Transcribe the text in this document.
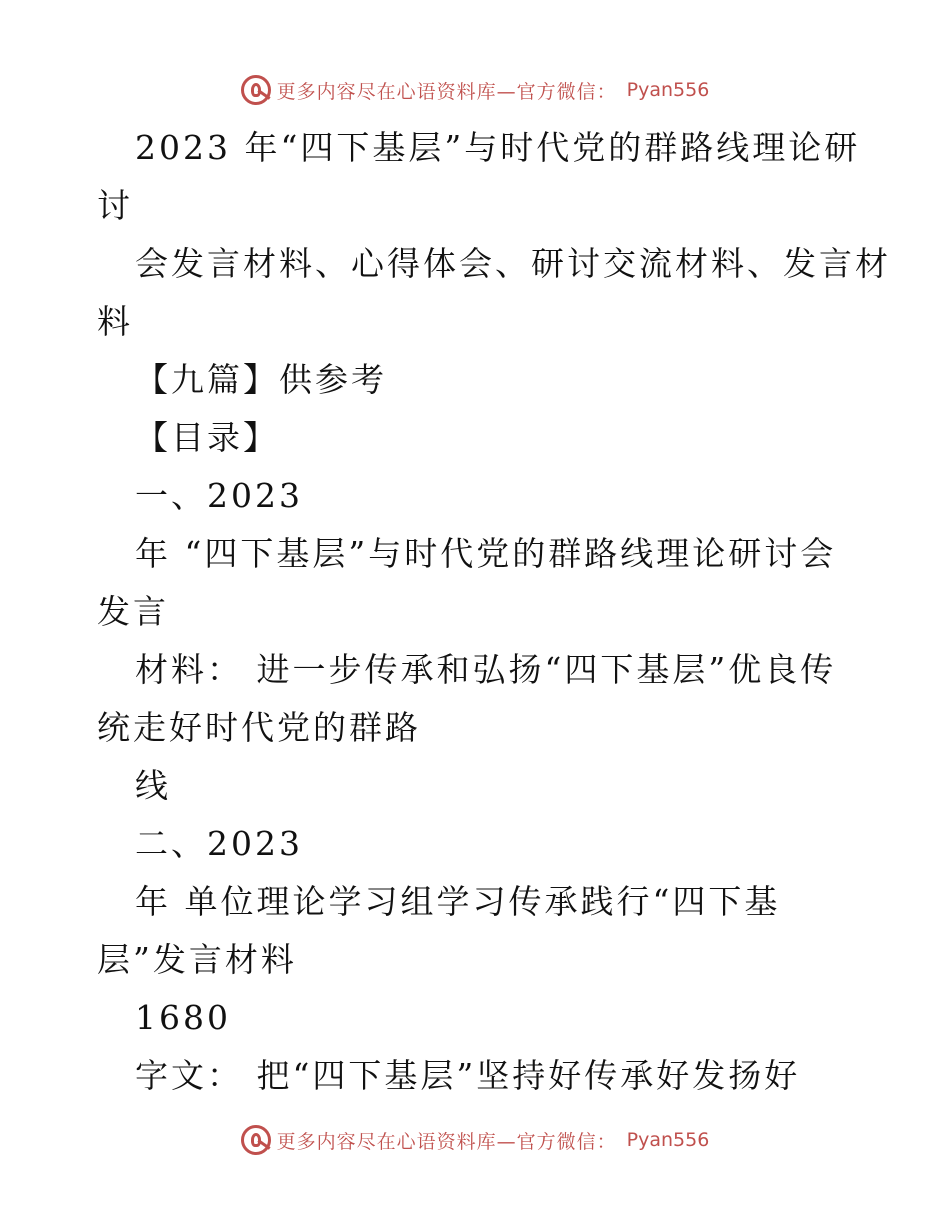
更多内容尽在心语资料库—官方微信： Pyan556
2023 年“四下基层”与时代党的群路线理论研
讨
会发言材料、心得体会、研讨交流材料、发言材
料
【九篇】供参考
【目录】
一、2023
年 “四下基层”与时代党的群路线理论研讨会
发言
材料： 进一步传承和弘扬“四下基层”优良传
统走好时代党的群路
线
二、2023
年 单位理论学习组学习传承践行“四下基
层”发言材料
1680
字文： 把“四下基层”坚持好传承好发扬好
更多内容尽在心语资料库—官方微信： Pyan556
